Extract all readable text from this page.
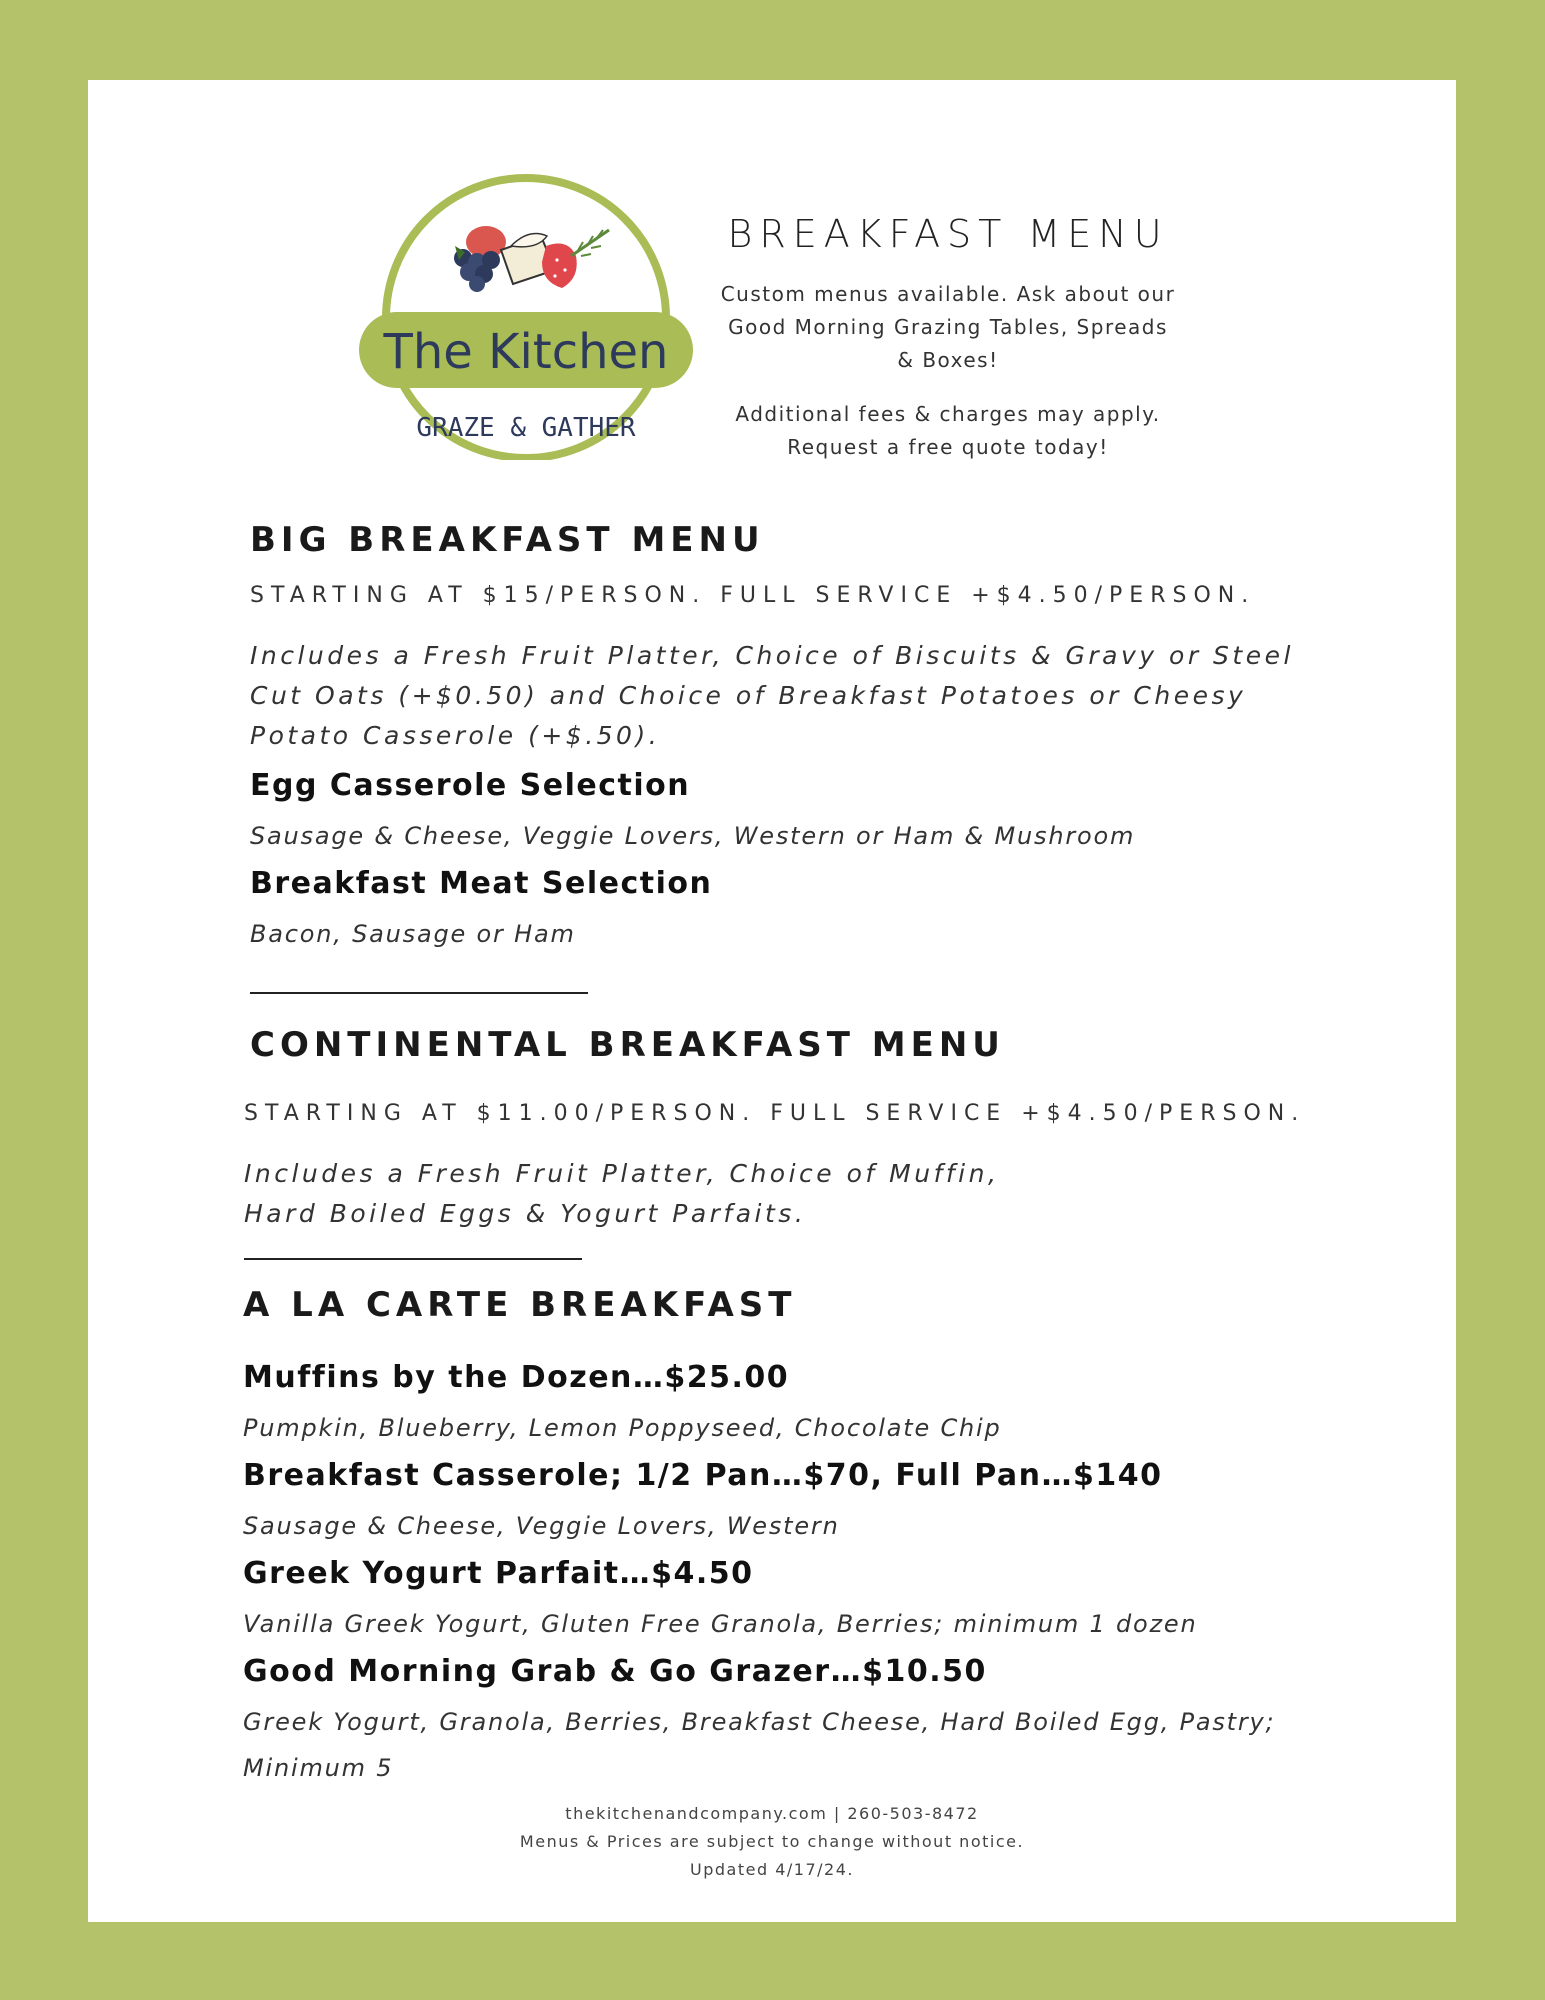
The Kitchen
GRAZE & GATHER
BREAKFAST MENU
Custom menus available. Ask about our
Good Morning Grazing Tables, Spreads
& Boxes!
Additional fees & charges may apply.
Request a free quote today!
BIG BREAKFAST MENU
STARTING AT $15/PERSON. FULL SERVICE +$4.50/PERSON.
Includes a Fresh Fruit Platter, Choice of Biscuits & Gravy or Steel
Cut Oats (+$0.50) and Choice of Breakfast Potatoes or Cheesy
Potato Casserole (+$.50).
Egg Casserole Selection
Sausage & Cheese, Veggie Lovers, Western or Ham & Mushroom
Breakfast Meat Selection
Bacon, Sausage or Ham
CONTINENTAL BREAKFAST MENU
STARTING AT $11.00/PERSON. FULL SERVICE +$4.50/PERSON.
Includes a Fresh Fruit Platter, Choice of Muffin,
Hard Boiled Eggs & Yogurt Parfaits.
A LA CARTE BREAKFAST
Muffins by the Dozen…$25.00
Pumpkin, Blueberry, Lemon Poppyseed, Chocolate Chip
Breakfast Casserole; 1/2 Pan…$70, Full Pan…$140
Sausage & Cheese, Veggie Lovers, Western
Greek Yogurt Parfait…$4.50
Vanilla Greek Yogurt, Gluten Free Granola, Berries; minimum 1 dozen
Good Morning Grab & Go Grazer…$10.50
Greek Yogurt, Granola, Berries, Breakfast Cheese, Hard Boiled Egg, Pastry;
Minimum 5
thekitchenandcompany.com | 260-503-8472
Menus & Prices are subject to change without notice.
Updated 4/17/24.
